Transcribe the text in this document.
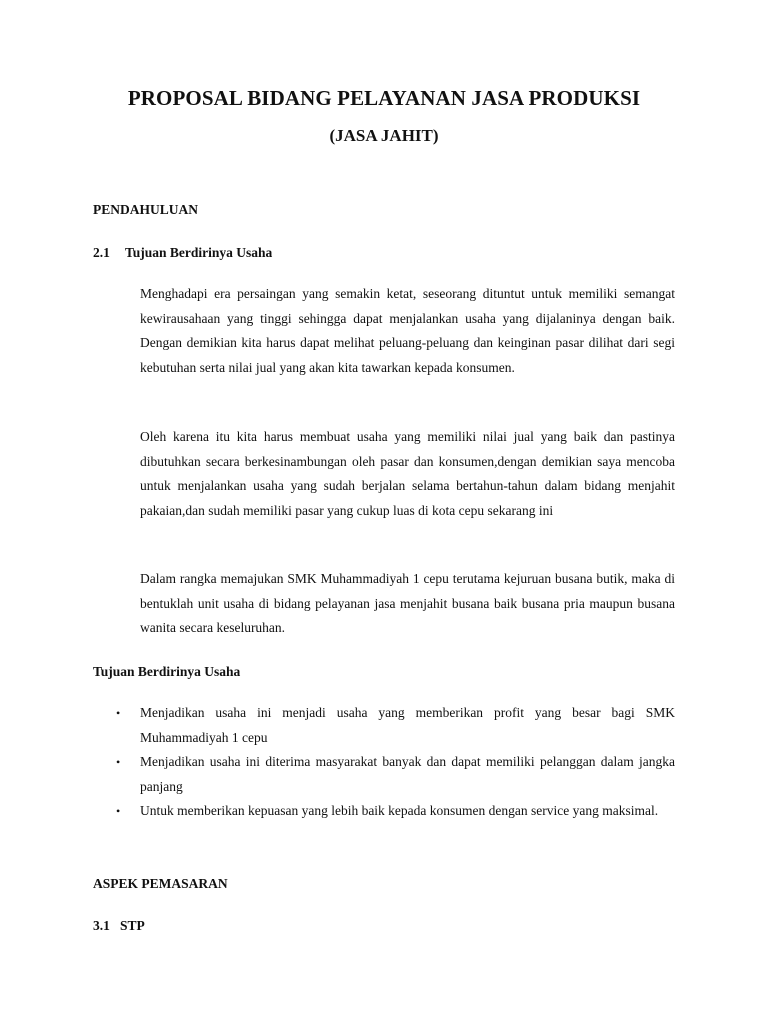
PROPOSAL BIDANG PELAYANAN JASA PRODUKSI
(JASA JAHIT)

PENDAHULUAN

2.1 Tujuan Berdirinya Usaha

Menghadapi era persaingan yang semakin ketat, seseorang dituntut untuk memiliki semangat kewirausahaan yang tinggi sehingga dapat menjalankan usaha yang dijalaninya dengan baik. Dengan demikian kita harus dapat melihat peluang-peluang dan keinginan pasar dilihat dari segi kebutuhan serta nilai jual yang akan kita tawarkan kepada konsumen.

Oleh karena itu kita harus membuat usaha yang memiliki nilai jual yang baik dan pastinya dibutuhkan secara berkesinambungan oleh pasar dan konsumen,dengan demikian saya mencoba untuk menjalankan usaha yang sudah berjalan selama bertahun-tahun dalam bidang menjahit pakaian,dan sudah memiliki pasar yang cukup luas di kota cepu sekarang ini

Dalam rangka memajukan SMK Muhammadiyah 1 cepu terutama kejuruan busana butik, maka di bentuklah unit usaha di bidang pelayanan jasa menjahit busana baik busana pria maupun busana wanita secara keseluruhan.

Tujuan Berdirinya Usaha

• Menjadikan usaha ini menjadi usaha yang memberikan profit yang besar bagi SMK Muhammadiyah 1 cepu
• Menjadikan usaha ini diterima masyarakat banyak dan dapat memiliki pelanggan dalam jangka panjang
• Untuk memberikan kepuasan yang lebih baik kepada konsumen dengan service yang maksimal.

ASPEK PEMASARAN

3.1 STP
